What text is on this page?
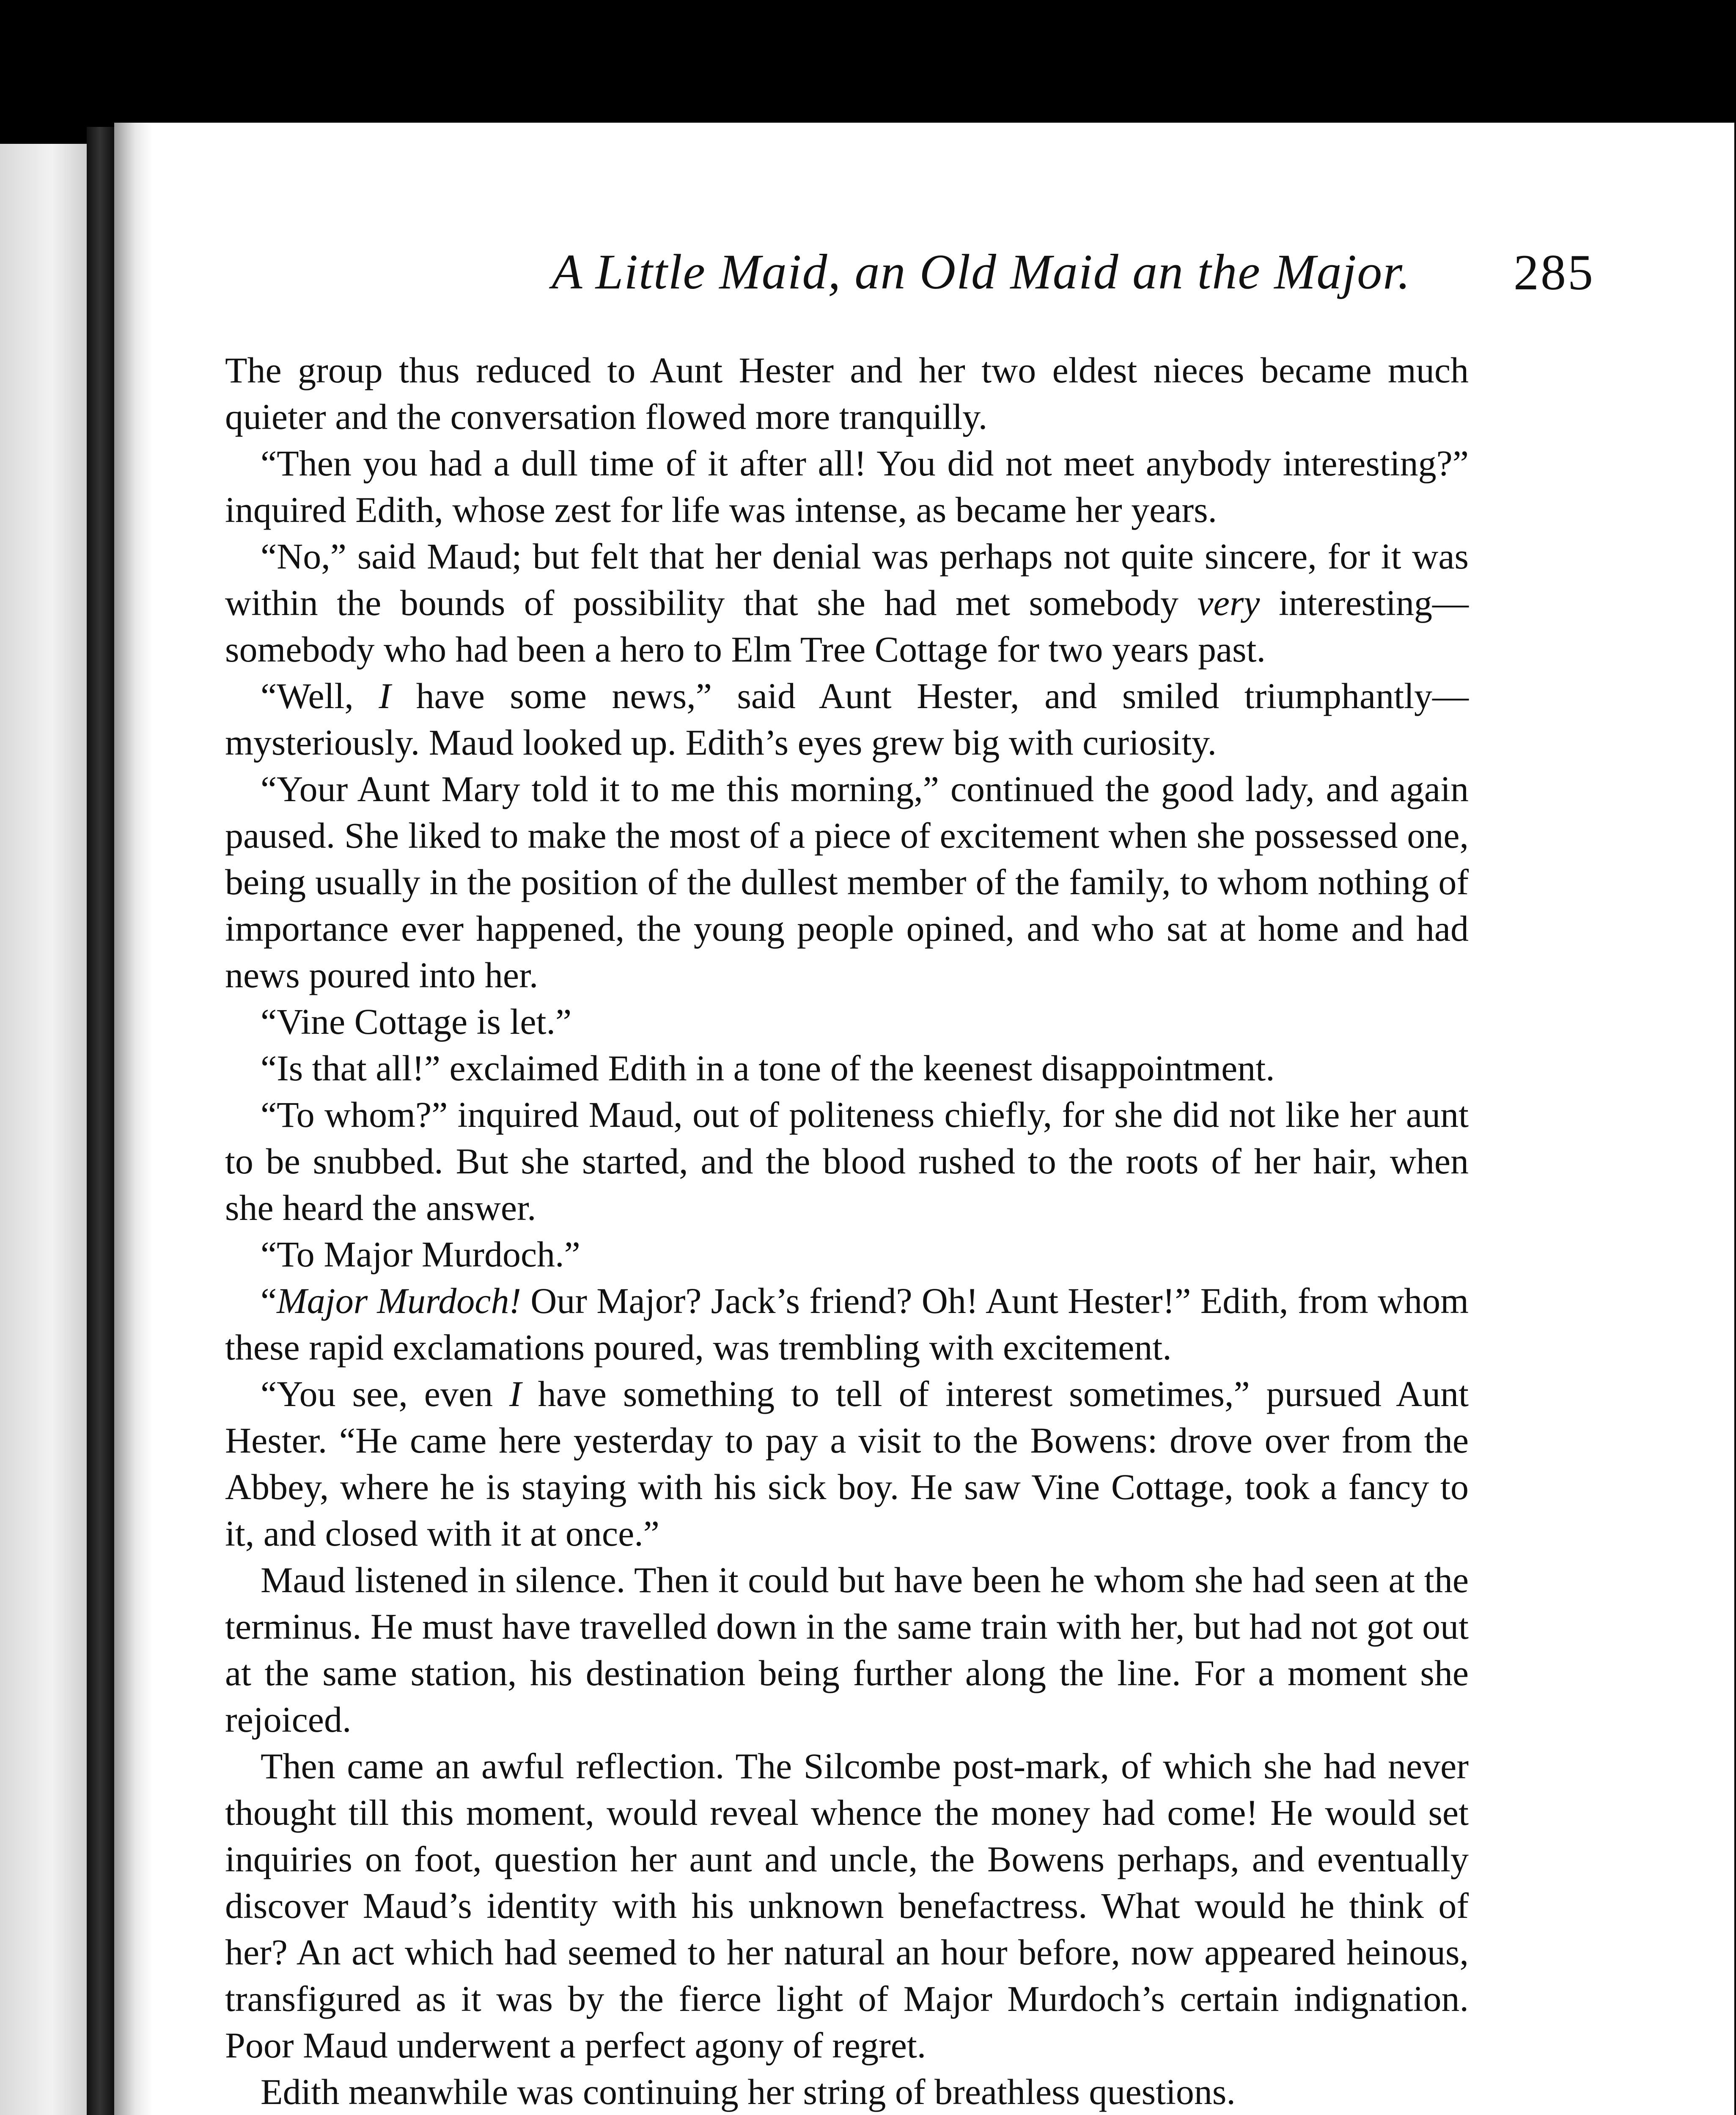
A Little Maid, an Old Maid an the Major.	285

The group thus reduced to Aunt Hester and her two eldest nieces became much quieter and the conversation flowed more tranquilly.

“Then you had a dull time of it after all! You did not meet anybody interesting?” inquired Edith, whose zest for life was intense, as became her years.

“No,” said Maud; but felt that her denial was perhaps not quite sincere, for it was within the bounds of possibility that she had met somebody very interesting—somebody who had been a hero to Elm Tree Cottage for two years past.

“Well, I have some news,” said Aunt Hester, and smiled triumphantly—mysteriously. Maud looked up. Edith’s eyes grew big with curiosity.

“Your Aunt Mary told it to me this morning,” continued the good lady, and again paused. She liked to make the most of a piece of excitement when she possessed one, being usually in the position of the dullest member of the family, to whom nothing of importance ever happened, the young people opined, and who sat at home and had news poured into her.

“Vine Cottage is let.”

“Is that all!” exclaimed Edith in a tone of the keenest disappointment.

“To whom?” inquired Maud, out of politeness chiefly, for she did not like her aunt to be snubbed. But she started, and the blood rushed to the roots of her hair, when she heard the answer.

“To Major Murdoch.”

“Major Murdoch! Our Major? Jack’s friend? Oh! Aunt Hester!” Edith, from whom these rapid exclamations poured, was trembling with excitement.

“You see, even I have something to tell of interest sometimes,” pursued Aunt Hester. “He came here yesterday to pay a visit to the Bowens: drove over from the Abbey, where he is staying with his sick boy. He saw Vine Cottage, took a fancy to it, and closed with it at once.”

Maud listened in silence. Then it could but have been he whom she had seen at the terminus. He must have travelled down in the same train with her, but had not got out at the same station, his destination being further along the line. For a moment she rejoiced.

Then came an awful reflection. The Silcombe post-mark, of which she had never thought till this moment, would reveal whence the money had come! He would set inquiries on foot, question her aunt and uncle, the Bowens perhaps, and eventually discover Maud’s identity with his unknown benefactress. What would he think of her? An act which had seemed to her natural an hour before, now appeared heinous, transfigured as it was by the fierce light of Major Murdoch’s certain indignation. Poor Maud underwent a perfect agony of regret.

Edith meanwhile was continuing her string of breathless questions.
